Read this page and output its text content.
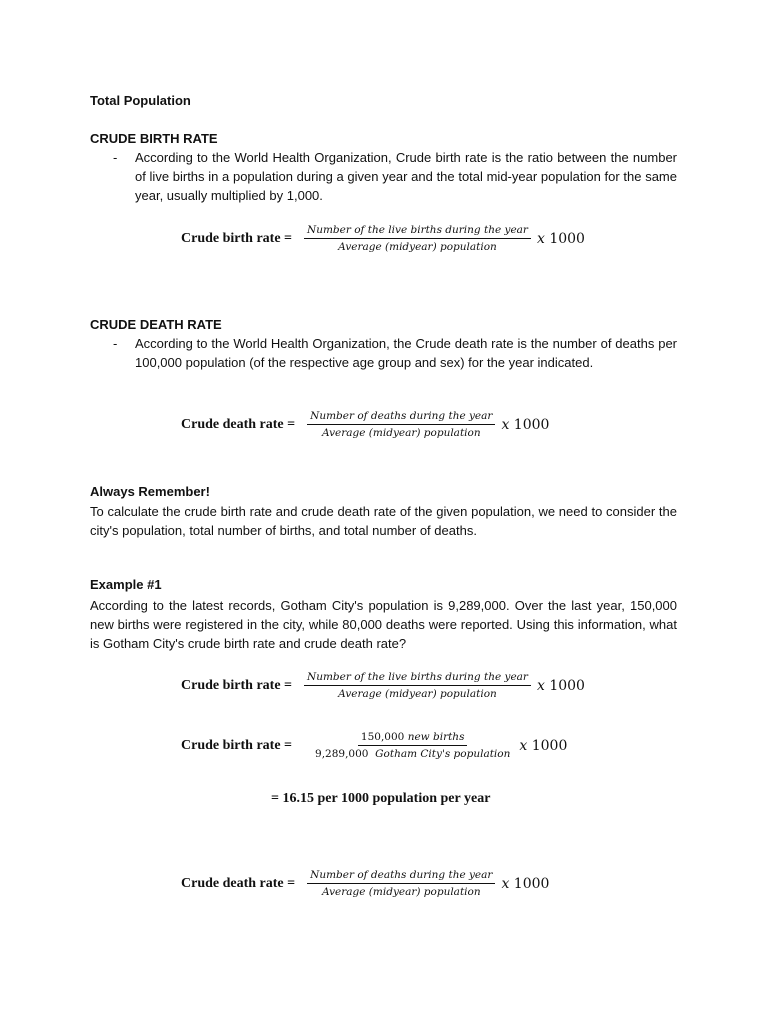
Total Population

CRUDE BIRTH RATE

- According to the World Health Organization, Crude birth rate is the ratio between the number of live births in a population during a given year and the total mid-year population for the same year, usually multiplied by 1,000.

Crude birth rate = $\frac{\text{Number of the live births during the year}}{\text{Average (midyear) population}}$ x 1000

CRUDE DEATH RATE

- According to the World Health Organization, the Crude death rate is the number of deaths per 100,000 population (of the respective age group and sex) for the year indicated.

Crude death rate = $\frac{\text{Number of deaths during the year}}{\text{Average (midyear) population}}$ x 1000

Always Remember!

To calculate the crude birth rate and crude death rate of the given population, we need to consider the city's population, total number of births, and total number of deaths.

Example #1

According to the latest records, Gotham City's population is 9,289,000. Over the last year, 150,000 new births were registered in the city, while 80,000 deaths were reported. Using this information, what is Gotham City's crude birth rate and crude death rate?

Crude birth rate = $\frac{\text{Number of the live births during the year}}{\text{Average (midyear) population}}$ x 1000
Crude birth rate = $\frac{\text{150,000 new births}}{\text{9,289,000 Gotham City's population}}$ x 1000
= 16.15 per 1000 population per year
Crude death rate = $\frac{\text{Number of deaths during the year}}{\text{Average (midyear) population}}$ x 1000
